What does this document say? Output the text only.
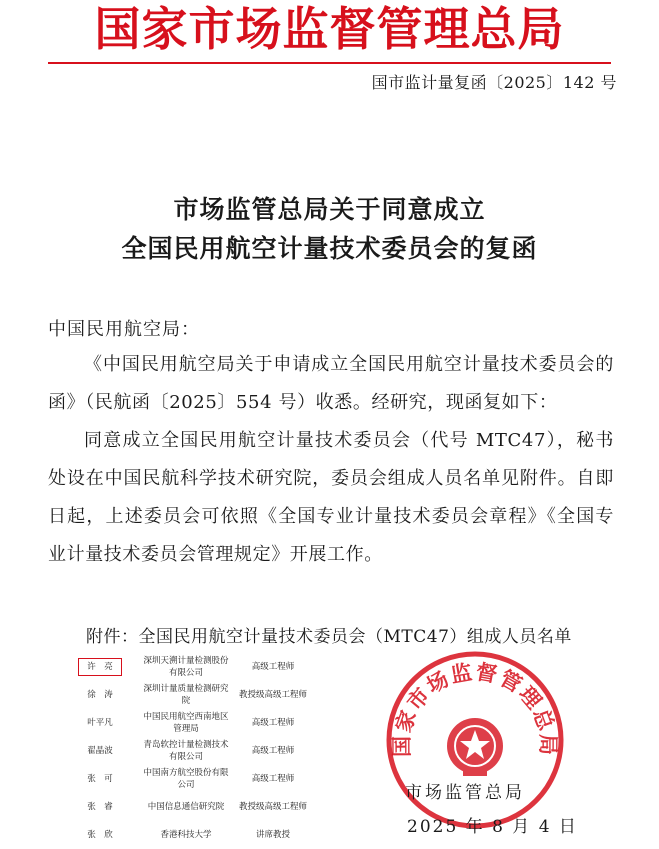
国家市场监督管理总局
国市监计量复函〔2025〕142 号
市场监管总局关于同意成立
全国民用航空计量技术委员会的复函
中国民用航空局：
《中国民用航空局关于申请成立全国民用航空计量技术委员会的函》（民航函〔2025〕554 号）收悉。经研究，现函复如下：
同意成立全国民用航空计量技术委员会（代号 MTC47），秘书处设在中国民航科学技术研究院，委员会组成人员名单见附件。自即日起，上述委员会可依照《全国专业计量技术委员会章程》《全国专业计量技术委员会管理规定》开展工作。
附件：全国民用航空计量技术委员会（MTC47）组成人员名单
许　亮	深圳天溯计量检测股份有限公司	高级工程师
徐　涛	深圳计量质量检测研究院	教授级高级工程师
叶平凡	中国民用航空西南地区管理局	高级工程师
翟晶波	青岛软控计量检测技术有限公司	高级工程师
张　可	中国南方航空股份有限公司	高级工程师
张　睿	中国信息通信研究院	教授级高级工程师
张　欣	香港科技大学	讲席教授
国家市场监督管理总局
市场监管总局
2025 年 8 月 4 日
